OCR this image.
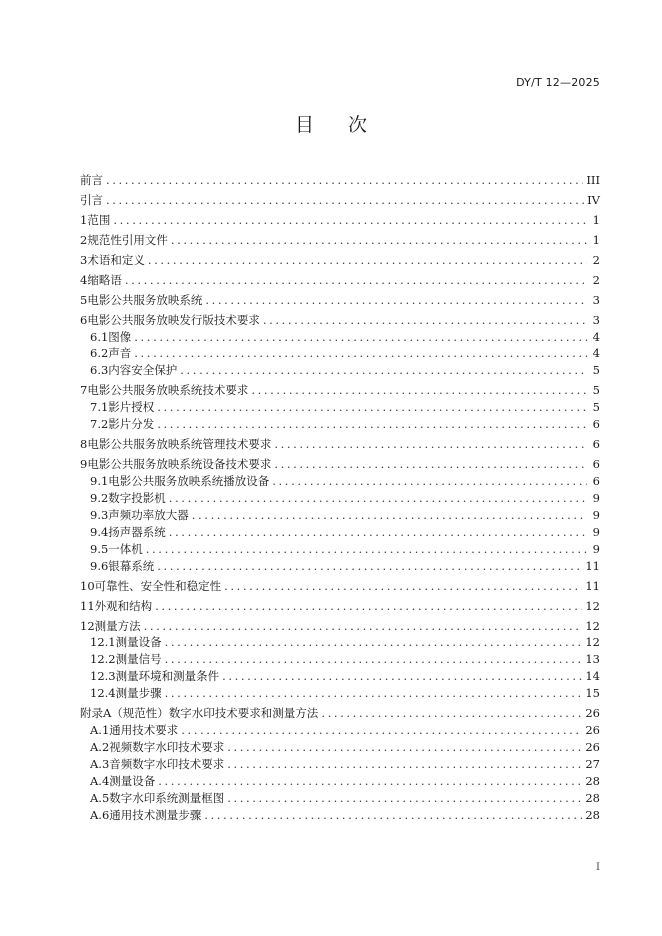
DY/T 12—2025
目次
前言 .....	III
引言 .....	IV
1 范围 .....	1
2 规范性引用文件 .....	1
3 术语和定义 .....	2
4 缩略语 .....	2
5 电影公共服务放映系统 .....	3
6 电影公共服务放映发行版技术要求 .....	3
6.1 图像 .....	4
6.2 声音 .....	4
6.3 内容安全保护 .....	5
7 电影公共服务放映系统技术要求 .....	5
7.1 影片授权 .....	5
7.2 影片分发 .....	6
8 电影公共服务放映系统管理技术要求 .....	6
9 电影公共服务放映系统设备技术要求 .....	6
9.1 电影公共服务放映系统播放设备 .....	6
9.2 数字投影机 .....	9
9.3 声频功率放大器 .....	9
9.4 扬声器系统 .....	9
9.5 一体机 .....	9
9.6 银幕系统 .....	11
10 可靠性、安全性和稳定性 .....	11
11 外观和结构 .....	12
12 测量方法 .....	12
12.1 测量设备 .....	12
12.2 测量信号 .....	13
12.3 测量环境和测量条件 .....	14
12.4 测量步骤 .....	15
附录A（规范性） 数字水印技术要求和测量方法 .....	26
A.1 通用技术要求 .....	26
A.2 视频数字水印技术要求 .....	26
A.3 音频数字水印技术要求 .....	27
A.4 测量设备 .....	28
A.5 数字水印系统测量框图 .....	28
A.6 通用技术测量步骤 .....	28
I
